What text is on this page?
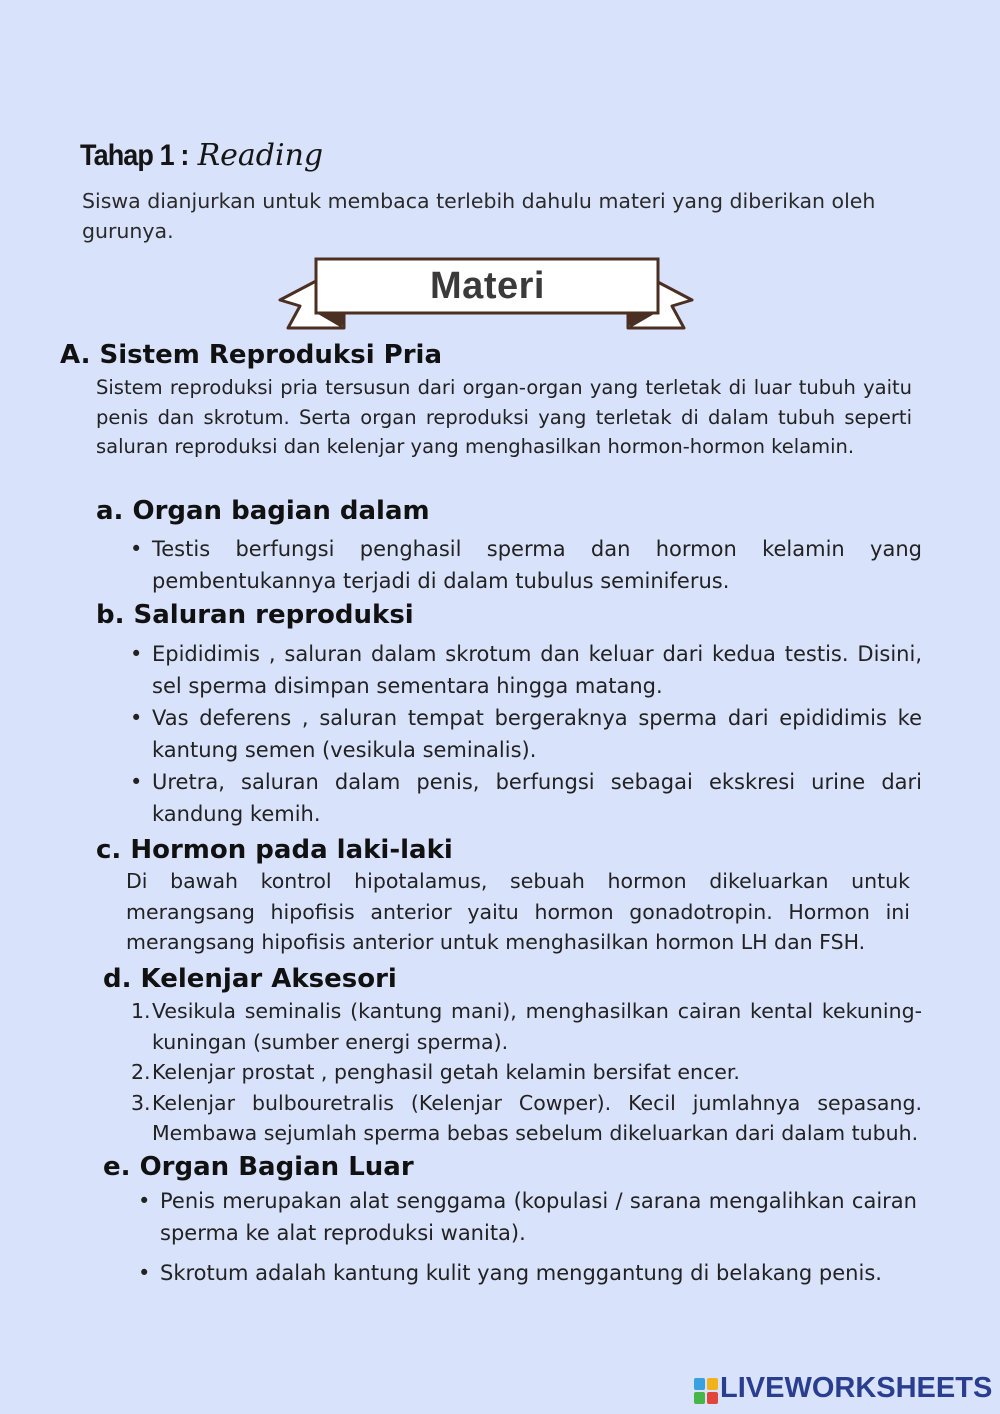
Tahap 1 : Reading
Siswa dianjurkan untuk membaca terlebih dahulu materi yang diberikan oleh gurunya.
Materi
A. Sistem Reproduksi Pria
Sistem reproduksi pria tersusun dari organ-organ yang terletak di luar tubuh yaitu penis dan skrotum. Serta organ reproduksi yang terletak di dalam tubuh seperti saluran reproduksi dan kelenjar yang menghasilkan hormon-hormon kelamin.
a. Organ bagian dalam
• Testis berfungsi penghasil sperma dan hormon kelamin yang pembentukannya terjadi di dalam tubulus seminiferus.
b. Saluran reproduksi
• Epididimis , saluran dalam skrotum dan keluar dari kedua testis. Disini, sel sperma disimpan sementara hingga matang.
• Vas deferens , saluran tempat bergeraknya sperma dari epididimis ke kantung semen (vesikula seminalis).
• Uretra, saluran dalam penis, berfungsi sebagai ekskresi urine dari kandung kemih.
c. Hormon pada laki-laki
Di bawah kontrol hipotalamus, sebuah hormon dikeluarkan untuk merangsang hipofisis anterior yaitu hormon gonadotropin. Hormon ini merangsang hipofisis anterior untuk menghasilkan hormon LH dan FSH.
d. Kelenjar Aksesori
1. Vesikula seminalis (kantung mani), menghasilkan cairan kental kekuning-kuningan (sumber energi sperma).
2. Kelenjar prostat , penghasil getah kelamin bersifat encer.
3. Kelenjar bulbouretralis (Kelenjar Cowper). Kecil jumlahnya sepasang. Membawa sejumlah sperma bebas sebelum dikeluarkan dari dalam tubuh.
e. Organ Bagian Luar
• Penis merupakan alat senggama (kopulasi / sarana mengalihkan cairan sperma ke alat reproduksi wanita).
• Skrotum adalah kantung kulit yang menggantung di belakang penis.
LIVEWORKSHEETS
